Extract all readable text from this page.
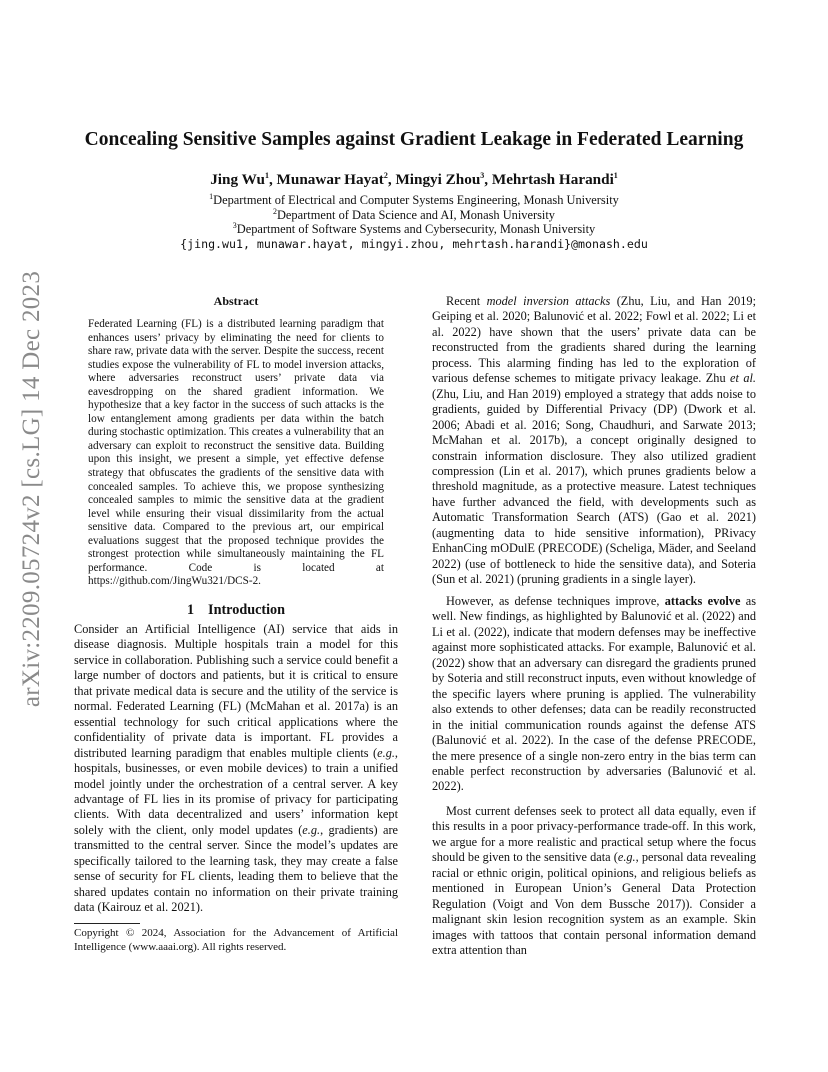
arXiv:2209.05724v2 [cs.LG] 14 Dec 2023
Concealing Sensitive Samples against Gradient Leakage in Federated Learning
Jing Wu$^1$, Munawar Hayat$^2$, Mingyi Zhou$^3$, Mehrtash Harandi$^1$
$^1$Department of Electrical and Computer Systems Engineering, Monash University
$^2$Department of Data Science and AI, Monash University
$^3$Department of Software Systems and Cybersecurity, Monash University
{jing.wu1, munawar.hayat, mingyi.zhou, mehrtash.harandi}@monash.edu
Abstract
Federated Learning (FL) is a distributed learning paradigm that enhances users’ privacy by eliminating the need for clients to share raw, private data with the server. Despite the success, recent studies expose the vulnerability of FL to model inversion attacks, where adversaries reconstruct users’ private data via eavesdropping on the shared gradient information. We hypothesize that a key factor in the success of such attacks is the low entanglement among gradients per data within the batch during stochastic optimization. This creates a vulnerability that an adversary can exploit to reconstruct the sensitive data. Building upon this insight, we present a simple, yet effective defense strategy that obfuscates the gradients of the sensitive data with concealed samples. To achieve this, we propose synthesizing concealed samples to mimic the sensitive data at the gradient level while ensuring their visual dissimilarity from the actual sensitive data. Compared to the previous art, our empirical evaluations suggest that the proposed technique provides the strongest protection while simultaneously maintaining the FL performance. Code is located at https://github.com/JingWu321/DCS-2.
1 Introduction

Consider an Artificial Intelligence (AI) service that aids in disease diagnosis. Multiple hospitals train a model for this service in collaboration. Publishing such a service could benefit a large number of doctors and patients, but it is critical to ensure that private medical data is secure and the utility of the service is normal. Federated Learning (FL) (McMahan et al. 2017a) is an essential technology for such critical applications where the confidentiality of private data is important. FL provides a distributed learning paradigm that enables multiple clients (e.g., hospitals, businesses, or even mobile devices) to train a unified model jointly under the orchestration of a central server. A key advantage of FL lies in its promise of privacy for participating clients. With data decentralized and users’ information kept solely with the client, only model updates (e.g., gradients) are transmitted to the central server. Since the model’s updates are specifically tailored to the learning task, they may create a false sense of security for FL clients, leading them to believe that the shared updates contain no information on their private training data (Kairouz et al. 2021).

Copyright © 2024, Association for the Advancement of Artificial Intelligence (www.aaai.org). All rights reserved.

Recent model inversion attacks (Zhu, Liu, and Han 2019; Geiping et al. 2020; Balunović et al. 2022; Fowl et al. 2022; Li et al. 2022) have shown that the users’ private data can be reconstructed from the gradients shared during the learning process. This alarming finding has led to the exploration of various defense schemes to mitigate privacy leakage. Zhu et al. (Zhu, Liu, and Han 2019) employed a strategy that adds noise to gradients, guided by Differential Privacy (DP) (Dwork et al. 2006; Abadi et al. 2016; Song, Chaudhuri, and Sarwate 2013; McMahan et al. 2017b), a concept originally designed to constrain information disclosure. They also utilized gradient compression (Lin et al. 2017), which prunes gradients below a threshold magnitude, as a protective measure. Latest techniques have further advanced the field, with developments such as Automatic Transformation Search (ATS) (Gao et al. 2021) (augmenting data to hide sensitive information), PRivacy EnhanCing mODulE (PRECODE) (Scheliga, Mäder, and Seeland 2022) (use of bottleneck to hide the sensitive data), and Soteria (Sun et al. 2021) (pruning gradients in a single layer).

However, as defense techniques improve, attacks evolve as well. New findings, as highlighted by Balunović et al. (2022) and Li et al. (2022), indicate that modern defenses may be ineffective against more sophisticated attacks. For example, Balunović et al. (2022) show that an adversary can disregard the gradients pruned by Soteria and still reconstruct inputs, even without knowledge of the specific layers where pruning is applied. The vulnerability also extends to other defenses; data can be readily reconstructed in the initial communication rounds against the defense ATS (Balunović et al. 2022). In the case of the defense PRECODE, the mere presence of a single non-zero entry in the bias term can enable perfect reconstruction by adversaries (Balunović et al. 2022).

Most current defenses seek to protect all data equally, even if this results in a poor privacy-performance trade-off. In this work, we argue for a more realistic and practical setup where the focus should be given to the sensitive data (e.g., personal data revealing racial or ethnic origin, political opinions, and religious beliefs as mentioned in European Union’s General Data Protection Regulation (Voigt and Von dem Bussche 2017)). Consider a malignant skin lesion recognition system as an example. Skin images with tattoos that contain personal information demand extra attention than
